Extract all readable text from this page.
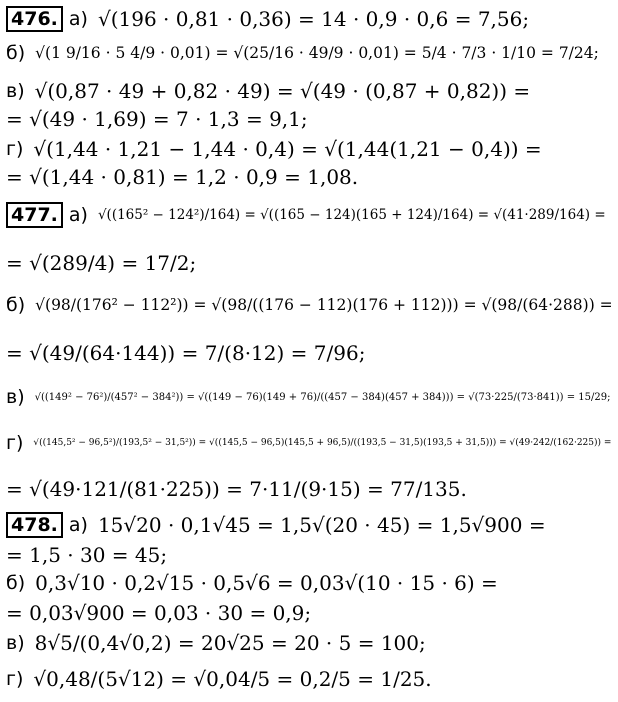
476. а) √(196 · 0,81 · 0,36) = 14 · 0,9 · 0,6 = 7,56;
б) √(1 9/16 · 5 4/9 · 0,01) = √(25/16 · 49/9 · 0,01) = 5/4 · 7/3 · 1/10 = 7/24;
в) √(0,87 · 49 + 0,82 · 49) = √(49 · (0,87 + 0,82)) =
= √(49 · 1,69) = 7 · 1,3 = 9,1;
г) √(1,44 · 1,21 − 1,44 · 0,4) = √(1,44(1,21 − 0,4)) =
= √(1,44 · 0,81) = 1,2 · 0,9 = 1,08.
477. а) √((165² − 124²)/164) = √((165 − 124)(165 + 124)/164) = √(41·289/164) =
= √(289/4) = 17/2;
б) √(98/(176² − 112²)) = √(98/((176 − 112)(176 + 112))) = √(98/(64·288)) =
= √(49/(64·144)) = 7/(8·12) = 7/96;
в) √((149² − 76²)/(457² − 384²)) = √((149 − 76)(149 + 76)/((457 − 384)(457 + 384))) = √(73·225/(73·841)) = 15/29;
г) √((145,5² − 96,5²)/(193,5² − 31,5²)) = √((145,5 − 96,5)(145,5 + 96,5)/((193,5 − 31,5)(193,5 + 31,5))) = √(49·242/(162·225)) =
= √(49·121/(81·225)) = 7·11/(9·15) = 77/135.
478. а) 15√20 · 0,1√45 = 1,5√(20 · 45) = 1,5√900 =
= 1,5 · 30 = 45;
б) 0,3√10 · 0,2√15 · 0,5√6 = 0,03√(10 · 15 · 6) =
= 0,03√900 = 0,03 · 30 = 0,9;
в) 8√5/(0,4√0,2) = 20√25 = 20 · 5 = 100;
г) √0,48/(5√12) = √0,04/5 = 0,2/5 = 1/25.
